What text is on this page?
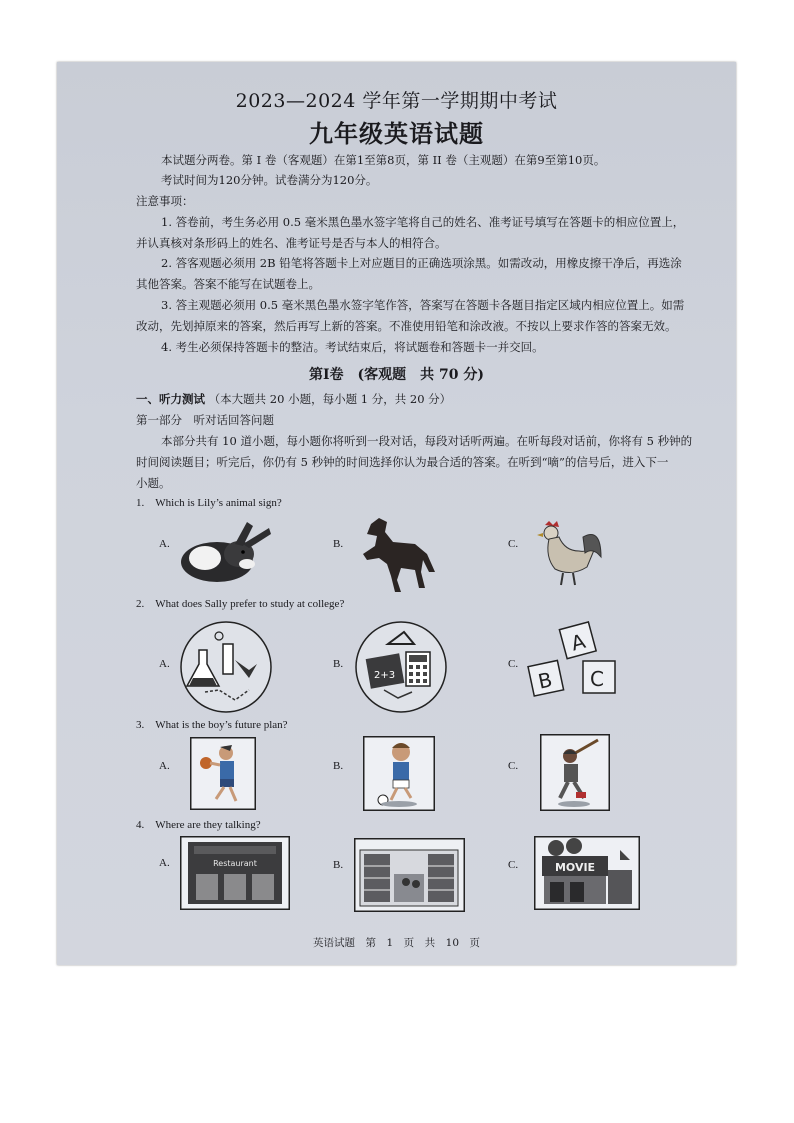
2023—2024 学年第一学期期中考试
九年级英语试题
本试题分两卷。第 I 卷（客观题）在第1至第8页，第 II 卷（主观题）在第9至第10页。
考试时间为120分钟。试卷满分为120分。
注意事项：
1. 答卷前，考生务必用 0.5 毫米黑色墨水签字笔将自己的姓名、准考证号填写在答题卡的相应位置上，
并认真核对条形码上的姓名、准考证号是否与本人的相符合。
2. 答客观题必须用 2B 铅笔将答题卡上对应题目的正确选项涂黑。如需改动，用橡皮擦干净后，再选涂
其他答案。答案不能写在试题卷上。
3. 答主观题必须用 0.5 毫米黑色墨水签字笔作答，答案写在答题卡各题目指定区域内相应位置上。如需
改动，先划掉原来的答案，然后再写上新的答案。不准使用铅笔和涂改液。不按以上要求作答的答案无效。
4. 考生必须保持答题卡的整洁。考试结束后，将试题卷和答题卡一并交回。
第Ⅰ卷　(客观题　共 70 分)
一、听力测试 （本大题共 20 小题，每小题 1 分，共 20 分）
第一部分　听对话回答问题
本部分共有 10 道小题，每小题你将听到一段对话，每段对话听两遍。在听每段对话前，你将有 5 秒钟的
时间阅读题目；听完后，你仍有 5 秒钟的时间选择你认为最合适的答案。在听到“嘀”的信号后，进入下一
小题。
1. Which is Lily’s animal sign?
A.	B.	C.
2. What does Sally prefer to study at college?
A.	B.	C.
2+3
A
B C
3. What is the boy’s future plan?
A.	B.	C.
4. Where are they talking?
A.	B.	C.
Restaurant	MOVIE
英语试题　第　1　页　共　10　页
